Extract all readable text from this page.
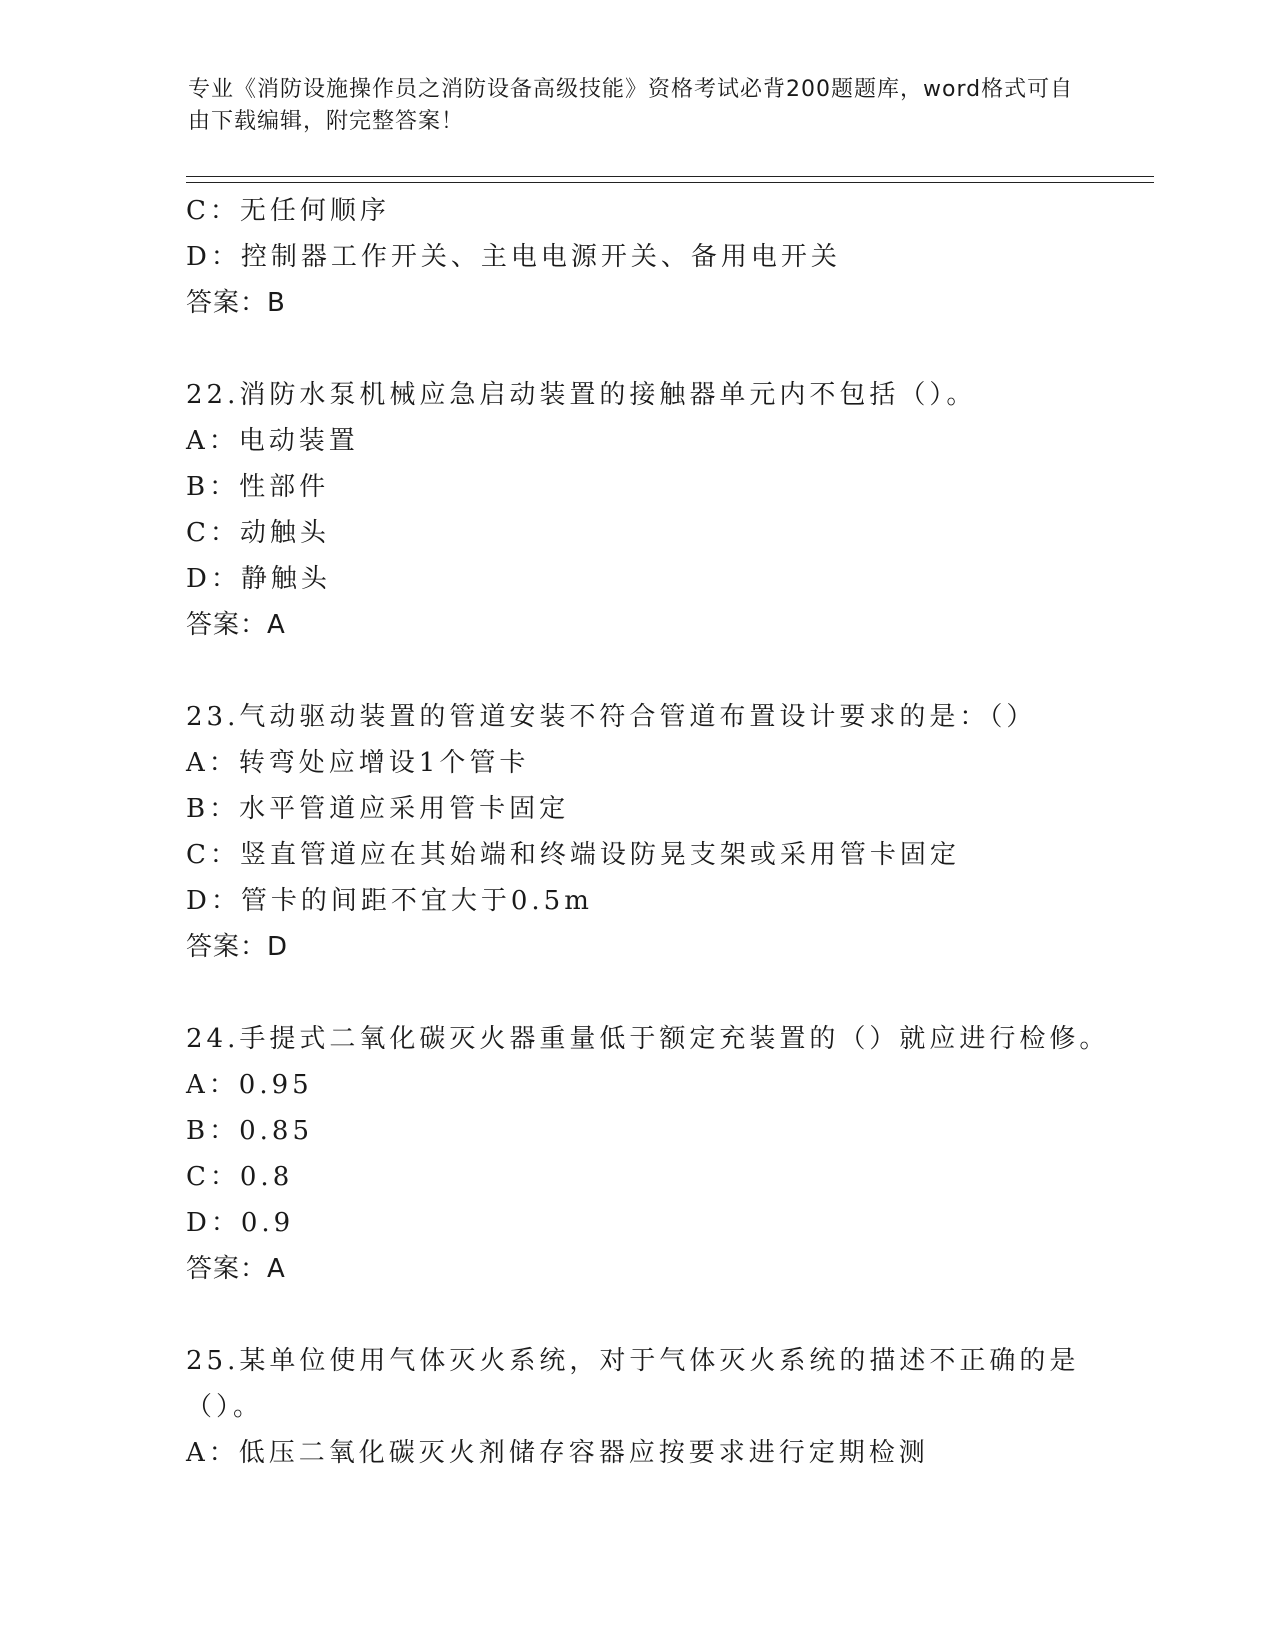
专业《消防设施操作员之消防设备高级技能》资格考试必背200题题库，word格式可自由下载编辑，附完整答案！
C：无任何顺序
D：控制器工作开关、主电电源开关、备用电开关
答案：B
22.消防水泵机械应急启动装置的接触器单元内不包括（）。
A：电动装置
B：性部件
C：动触头
D：静触头
答案：A
23.气动驱动装置的管道安装不符合管道布置设计要求的是：（）
A：转弯处应增设1个管卡
B：水平管道应采用管卡固定
C：竖直管道应在其始端和终端设防晃支架或采用管卡固定
D：管卡的间距不宜大于0.5m
答案：D
24.手提式二氧化碳灭火器重量低于额定充装置的（）就应进行检修。
A：0.95
B：0.85
C：0.8
D：0.9
答案：A
25.某单位使用气体灭火系统，对于气体灭火系统的描述不正确的是（）。
A：低压二氧化碳灭火剂储存容器应按要求进行定期检测
